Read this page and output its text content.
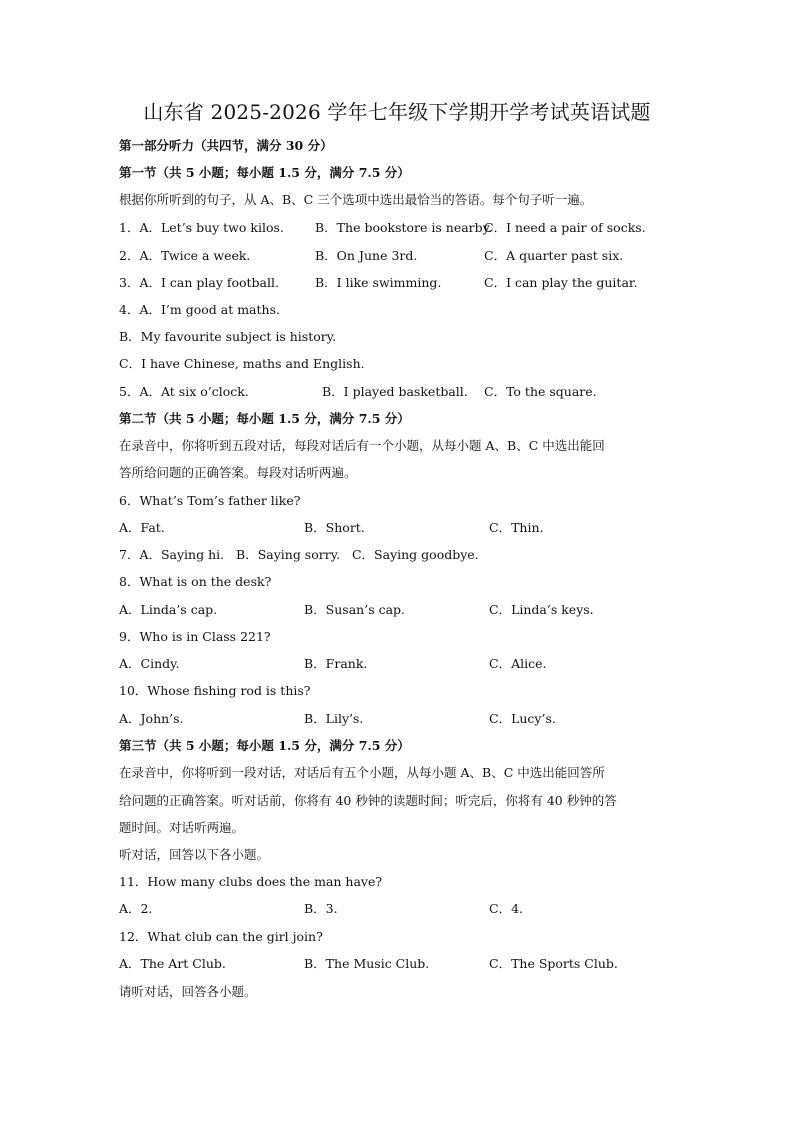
山东省 2025-2026 学年七年级下学期开学考试英语试题
第一部分听力（共四节，满分 30 分）
第一节（共 5 小题；每小题 1.5 分，满分 7.5 分）
根据你所听到的句子，从 A、B、C 三个选项中选出最恰当的答语。每个句子听一遍。
1．A．Let’s buy two kilos. B．The bookstore is nearby.
C．I need a pair of socks.
2．A．Twice a week.	B．On June 3rd.	C．A quarter past six.
3．A．I can play football.	B．I like swimming.	C．I can play the guitar.
4．A．I’m good at maths.
B．My favourite subject is history.
C．I have Chinese, maths and English.
5．A．At six o’clock.	B．I played basketball. C．To the square.
第二节（共 5 小题；每小题 1.5 分，满分 7.5 分）
在录音中，你将听到五段对话，每段对话后有一个小题，从每小题 A、B、C 中选出能回
答所给问题的正确答案。每段对话听两遍。
6．What’s Tom’s father like?
A．Fat.	B．Short.	C．Thin.
7．A．Saying hi.   B．Saying sorry.   C．Saying goodbye.
8．What is on the desk?
A．Linda’s cap.	B．Susan’s cap.	C．Linda’s keys.
9．Who is in Class 221?
A．Cindy.	B．Frank.	C．Alice.
10．Whose fishing rod is this?
A．John’s.	B．Lily’s.	C．Lucy’s.
第三节（共 5 小题；每小题 1.5 分，满分 7.5 分）
在录音中，你将听到一段对话，对话后有五个小题，从每小题 A、B、C 中选出能回答所
给问题的正确答案。听对话前，你将有 40 秒钟的读题时间；听完后，你将有 40 秒钟的答
题时间。对话听两遍。
听对话，回答以下各小题。
11．How many clubs does the man have?
A．2.	B．3.	C．4.
12．What club can the girl join?
A．The Art Club.	B．The Music Club.	C．The Sports Club.
请听对话，回答各小题。
